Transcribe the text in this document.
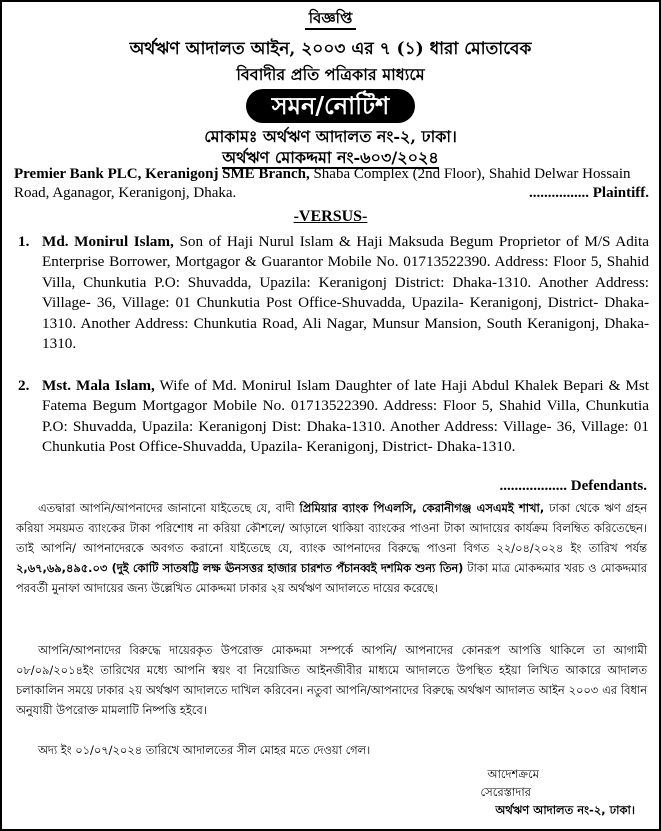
বিজ্ঞপ্তি
অর্থঋণ আদালত আইন, ২০০৩ এর ৭ (১) ধারা মোতাবেক
বিবাদীর প্রতি পত্রিকার মাধ্যমে
সমন/নোটিশ
মোকামঃ অর্থঋণ আদালত নং-২, ঢাকা।
অর্থঋণ মোকদ্দমা নং-৬০৩/২০২৪
Premier Bank PLC, Keranigonj SME Branch, Shaba Complex (2nd Floor), Shahid Delwar Hossain Road, Aganagor, Keranigonj, Dhaka.	................ Plaintiff.
-VERSUS-
1. Md. Monirul Islam, Son of Haji Nurul Islam & Haji Maksuda Begum Proprietor of M/S Adita Enterprise Borrower, Mortgagor & Guarantor Mobile No. 01713522390. Address: Floor 5, Shahid Villa, Chunkutia P.O: Shuvadda, Upazila: Keranigonj District: Dhaka-1310. Another Address: Village- 36, Village: 01 Chunkutia Post Office-Shuvadda, Upazila- Keranigonj, District- Dhaka-1310. Another Address: Chunkutia Road, Ali Nagar, Munsur Mansion, South Keranigonj, Dhaka-1310.
2. Mst. Mala Islam, Wife of Md. Monirul Islam Daughter of late Haji Abdul Khalek Bepari & Mst Fatema Begum Mortgagor Mobile No. 01713522390. Address: Floor 5, Shahid Villa, Chunkutia P.O: Shuvadda, Upazila: Keranigonj Dist: Dhaka-1310. Another Address: Village- 36, Village: 01 Chunkutia Post Office-Shuvadda, Upazila- Keranigonj, District- Dhaka-1310.
.................. Defendants.
এতদ্বারা আপনি/আপনাদের জানানো যাইতেছে যে, বাদী প্রিমিয়ার ব্যাংক পিএলসি, কেরানীগঞ্জ এসএমই শাখা, ঢাকা থেকে ঋণ গ্রহন করিয়া সময়মত ব্যাংকের টাকা পরিশোধ না করিয়া কৌশলে/ আড়ালে থাকিয়া ব্যাংকের পাওনা টাকা আদায়ের কার্যক্রম বিলম্বিত করিতেছেন। তাই আপনি/ আপনাদেরকে অবগত করানো যাইতেছে যে, ব্যাংক আপনাদের বিরুদ্ধে পাওনা বিগত ২২/০৪/২০২৪ ইং তারিখ পর্যন্ত ২,৬৭,৬৯,৪৯৫.০৩ (দুই কোটি সাতষট্টি লক্ষ ঊনসত্তর হাজার চারশত পঁচানব্বই দশমিক শুন্য তিন) টাকা মাত্র মোকদ্দমার খরচ ও মোকদ্দমার পরবর্তী মুনাফা আদায়ের জন্য উল্লেখিত মোকদ্দমা ঢাকার ২য় অর্থঋণ আদালতে দায়ের করেছে।
আপনি/আপনাদের বিরুদ্ধে দায়েরকৃত উপরোক্ত মোকদ্দমা সম্পর্কে আপনি/ আপনাদের কোনরূপ আপত্তি থাকিলে তা আগামী ০৮/০৯/২০১৪ইং তারিখের মধ্যে আপনি স্বয়ং বা নিয়োজিত আইনজীবীর মাধ্যমে আদালতে উপস্থিত হইয়া লিখিত আকারে আদালত চলাকালিন সময়ে ঢাকার ২য় অর্থঋণ আদালতে দাখিল করিবেন। নতুবা আপনি/আপনাদের বিরুদ্ধে অর্থঋণ আদালত আইন ২০০৩ এর বিধান অনুযায়ী উপরোক্ত মামলাটি নিষ্পত্তি হইবে।
অদ্য ইং ০১/০৭/২০২৪ তারিখে আদালতের সীল মোহর মতে দেওয়া গেল।
আদেশক্রমে
সেরেস্তাদার
অর্থঋণ আদালত নং-২, ঢাকা।
